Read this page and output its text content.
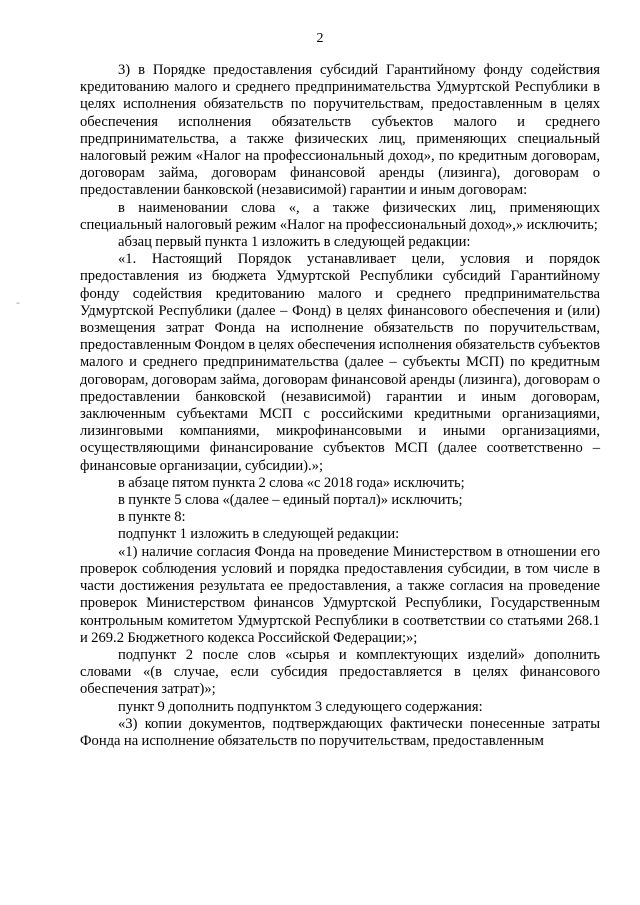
2
-

3) в Порядке предоставления субсидий Гарантийному фонду содействия кредитованию малого и среднего предпринимательства Удмуртской Республики в целях исполнения обязательств по поручительствам, предоставленным в целях обеспечения исполнения обязательств субъектов малого и среднего предпринимательства, а также физических лиц, применяющих специальный налоговый режим «Налог на профессиональный доход», по кредитным договорам, договорам займа, договорам финансовой аренды (лизинга), договорам о предоставлении банковской (независимой) гарантии и иным договорам:

в наименовании слова «, а также физических лиц, применяющих специальный налоговый режим «Налог на профессиональный доход»,» исключить;

абзац первый пункта 1 изложить в следующей редакции:

«1. Настоящий Порядок устанавливает цели, условия и порядок предоставления из бюджета Удмуртской Республики субсидий Гарантийному фонду содействия кредитованию малого и среднего предпринимательства Удмуртской Республики (далее – Фонд) в целях финансового обеспечения и (или) возмещения затрат Фонда на исполнение обязательств по поручительствам, предоставленным Фондом в целях обеспечения исполнения обязательств субъектов малого и среднего предпринимательства (далее – субъекты МСП) по кредитным договорам, договорам займа, договорам финансовой аренды (лизинга), договорам о предоставлении банковской (независимой) гарантии и иным договорам, заключенным субъектами МСП с российскими кредитными организациями, лизинговыми компаниями, микрофинансовыми и иными организациями, осуществляющими финансирование субъектов МСП (далее соответственно – финансовые организации, субсидии).»;

в абзаце пятом пункта 2 слова «с 2018 года» исключить;

в пункте 5 слова «(далее – единый портал)» исключить;

в пункте 8:

подпункт 1 изложить в следующей редакции:

«1) наличие согласия Фонда на проведение Министерством в отношении его проверок соблюдения условий и порядка предоставления субсидии, в том числе в части достижения результата ее предоставления, а также согласия на проведение проверок Министерством финансов Удмуртской Республики, Государственным контрольным комитетом Удмуртской Республики в соответствии со статьями 268.1 и 269.2 Бюджетного кодекса Российской Федерации;»;

подпункт 2 после слов «сырья и комплектующих изделий» дополнить словами «(в случае, если субсидия предоставляется в целях финансового обеспечения затрат)»;

пункт 9 дополнить подпунктом 3 следующего содержания:

«3) копии документов, подтверждающих фактически понесенные затраты Фонда на исполнение обязательств по поручительствам, предоставленным
